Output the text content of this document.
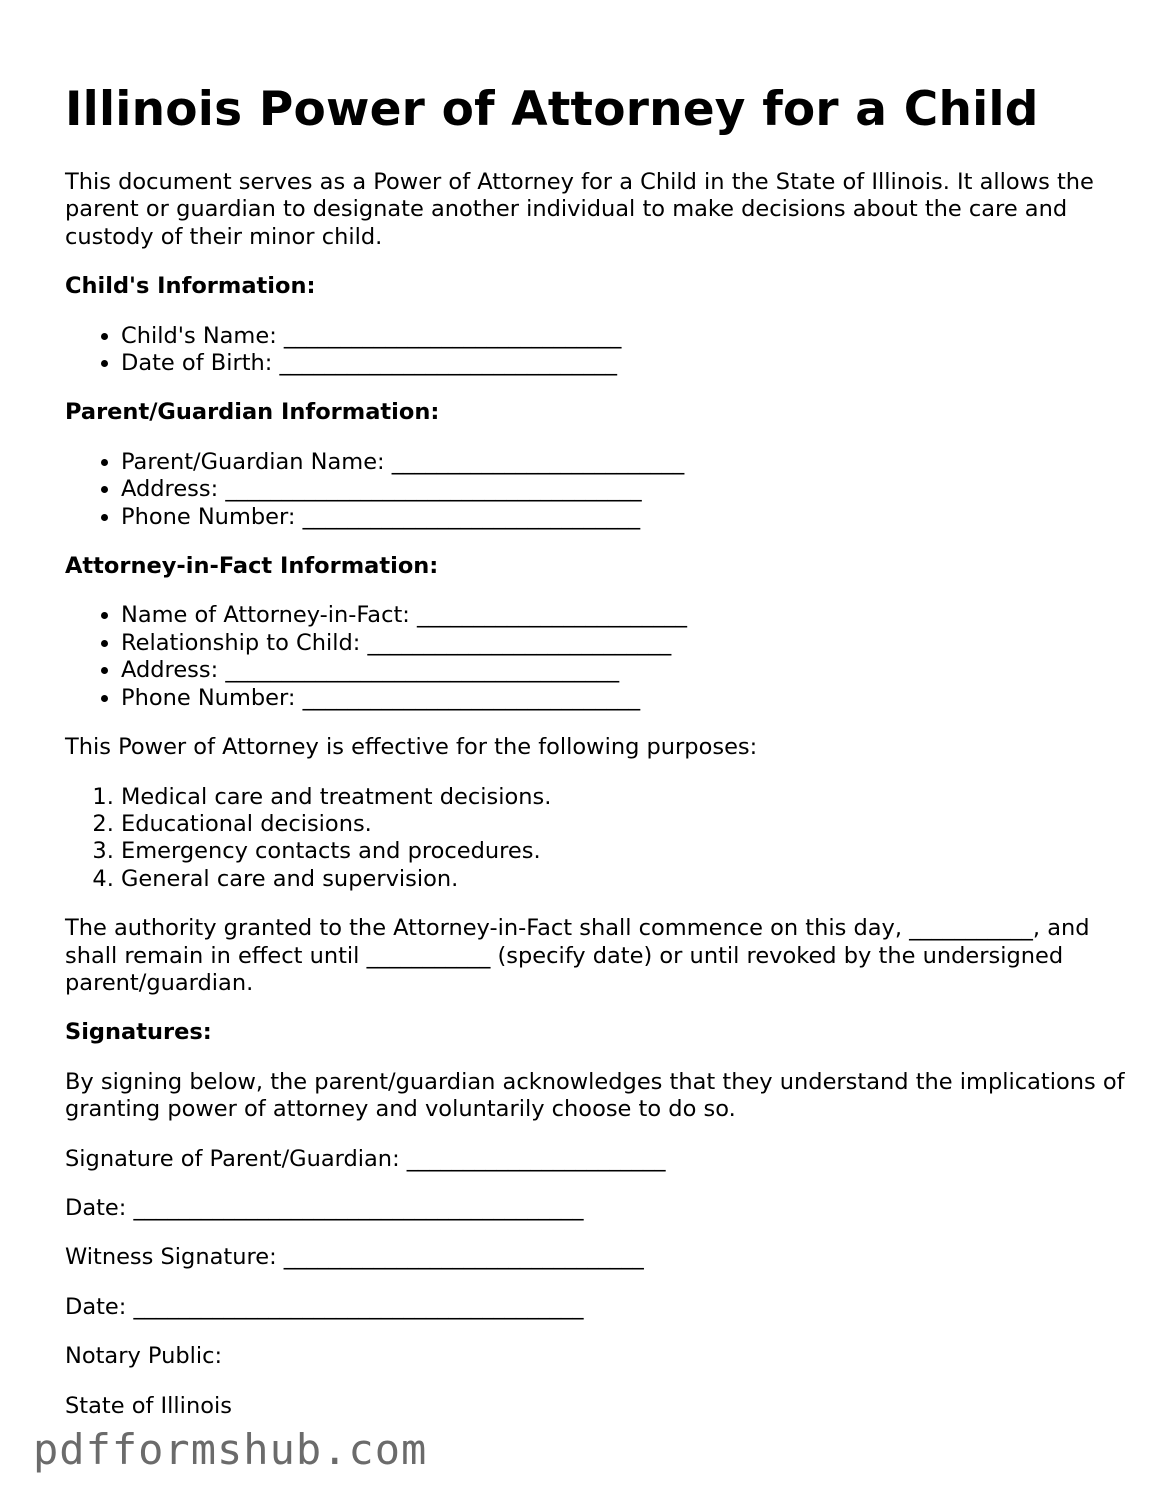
Illinois Power of Attorney for a Child

This document serves as a Power of Attorney for a Child in the State of Illinois. It allows the parent or guardian to designate another individual to make decisions about the care and custody of their minor child.

Child's Information:

• Child's Name: ______________________________
• Date of Birth: ______________________________

Parent/Guardian Information:

• Parent/Guardian Name: __________________________
• Address: _____________________________________
• Phone Number: ______________________________

Attorney-in-Fact Information:

• Name of Attorney-in-Fact: ________________________
• Relationship to Child: ___________________________
• Address: ___________________________________
• Phone Number: ______________________________

This Power of Attorney is effective for the following purposes:

1. Medical care and treatment decisions.
2. Educational decisions.
3. Emergency contacts and procedures.
4. General care and supervision.

The authority granted to the Attorney-in-Fact shall commence on this day, ___________, and shall remain in effect until ___________ (specify date) or until revoked by the undersigned parent/guardian.

Signatures:

By signing below, the parent/guardian acknowledges that they understand the implications of granting power of attorney and voluntarily choose to do so.

Signature of Parent/Guardian: _______________________

Date: ________________________________________

Witness Signature: ________________________________

Date: ________________________________________

Notary Public:

State of Illinois

pdfformshub.com
